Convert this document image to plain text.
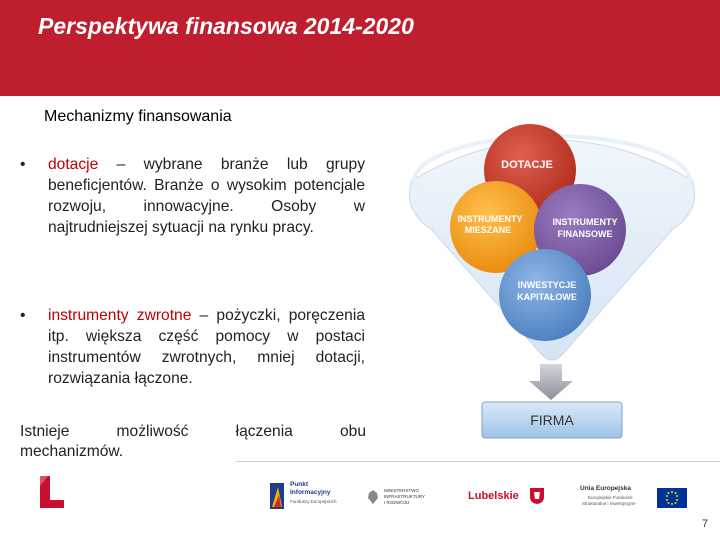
Perspektywa finansowa 2014-2020
Mechanizmy finansowania
• dotacje – wybrane branże lub grupy beneficjentów. Branże o wysokim potencjale rozwoju, innowacyjne. Osoby w najtrudniejszej sytuacji na rynku pracy.
• instrumenty zwrotne – pożyczki, poręczenia itp. większa część pomocy w postaci instrumentów zwrotnych, mniej dotacji, rozwiązania łączone.
Istnieje możliwość łączenia obu
mechanizmów.
DOTACJE
INSTRUMENTY
MIESZANE
INSTRUMENTY
FINANSOWE
INWESTYCJE
KAPITAŁOWE
FIRMA
Punkt
Informacyjny
Funduszy Europejskich
MINISTERSTWO
INFRASTRUKTURY
I ROZWOJU
Lubelskie
Unia Europejska
Europejskie Fundusze
Strukturalne i Inwestycyjne
7
